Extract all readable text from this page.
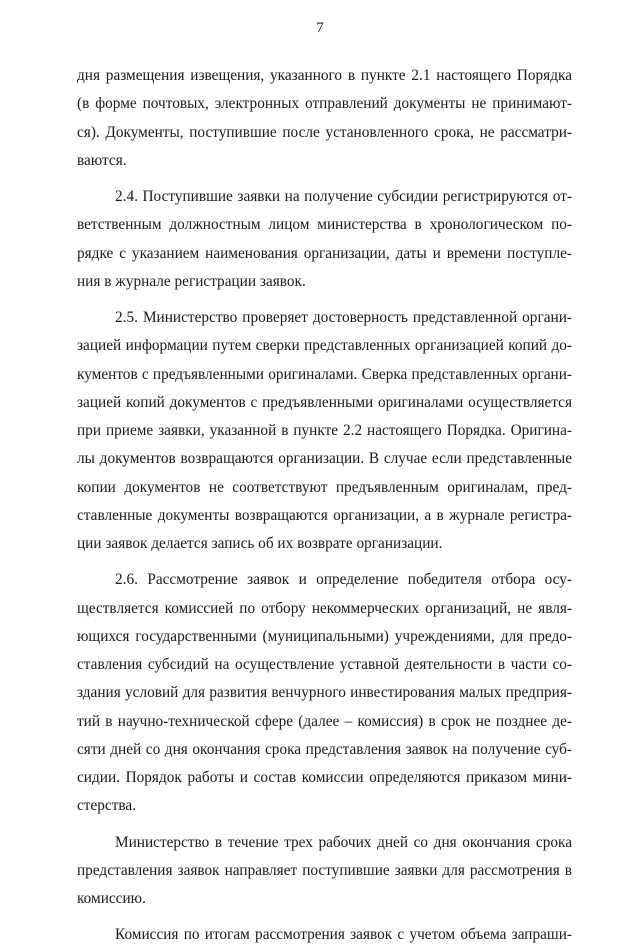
7
дня размещения извещения, указанного в пункте 2.1 настоящего Порядка
(в форме почтовых, электронных отправлений документы не принимают-
ся). Документы, поступившие после установленного срока, не рассматри-
ваются.
2.4. Поступившие заявки на получение субсидии регистрируются от-
ветственным должностным лицом министерства в хронологическом по-
рядке с указанием наименования организации, даты и времени поступле-
ния в журнале регистрации заявок.
2.5. Министерство проверяет достоверность представленной органи-
зацией информации путем сверки представленных организацией копий до-
кументов с предъявленными оригиналами. Сверка представленных органи-
зацией копий документов с предъявленными оригиналами осуществляется
при приеме заявки, указанной в пункте 2.2 настоящего Порядка. Оригина-
лы документов возвращаются организации. В случае если представленные
копии документов не соответствуют предъявленным оригиналам, пред-
ставленные документы возвращаются организации, а в журнале регистра-
ции заявок делается запись об их возврате организации.
2.6. Рассмотрение заявок и определение победителя отбора осу-
ществляется комиссией по отбору некоммерческих организаций, не явля-
ющихся государственными (муниципальными) учреждениями, для предо-
ставления субсидий на осуществление уставной деятельности в части со-
здания условий для развития венчурного инвестирования малых предприя-
тий в научно-технической сфере (далее – комиссия) в срок не позднее де-
сяти дней со дня окончания срока представления заявок на получение суб-
сидии. Порядок работы и состав комиссии определяются приказом мини-
стерства.
Министерство в течение трех рабочих дней со дня окончания срока
представления заявок направляет поступившие заявки для рассмотрения в
комиссию.
Комиссия по итогам рассмотрения заявок с учетом объема запраши-
